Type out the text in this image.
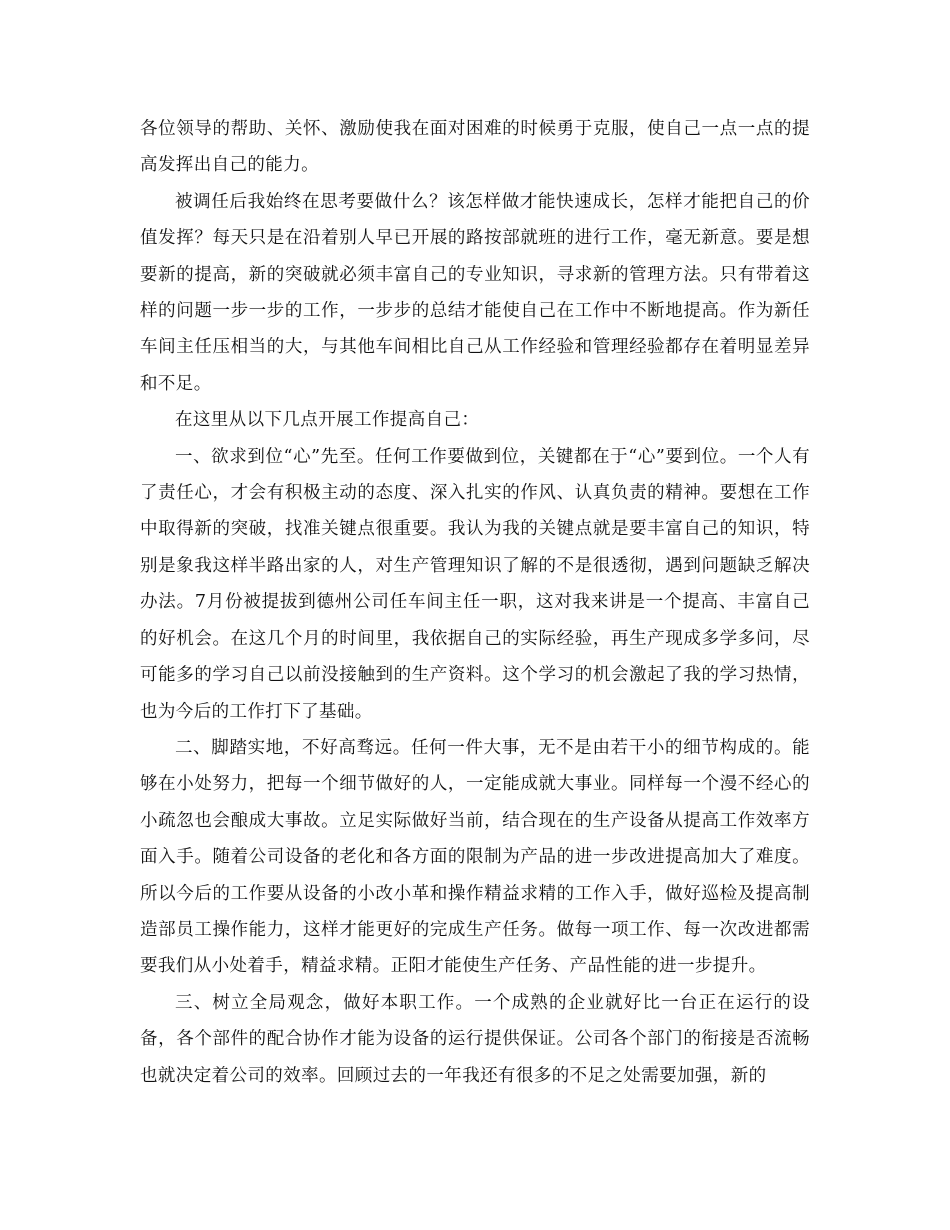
各位领导的帮助、关怀、激励使我在面对困难的时候勇于克服，使自己一点一点的提高发挥出自己的能力。

被调任后我始终在思考要做什么？该怎样做才能快速成长，怎样才能把自己的价值发挥？每天只是在沿着别人早已开展的路按部就班的进行工作，毫无新意。要是想要新的提高，新的突破就必须丰富自己的专业知识，寻求新的管理方法。只有带着这样的问题一步一步的工作，一步步的总结才能使自己在工作中不断地提高。作为新任车间主任压相当的大，与其他车间相比自己从工作经验和管理经验都存在着明显差异和不足。

在这里从以下几点开展工作提高自己：

一、欲求到位“心”先至。任何工作要做到位，关键都在于“心”要到位。一个人有了责任心，才会有积极主动的态度、深入扎实的作风、认真负责的精神。要想在工作中取得新的突破，找准关键点很重要。我认为我的关键点就是要丰富自己的知识，特别是象我这样半路出家的人，对生产管理知识了解的不是很透彻，遇到问题缺乏解决办法。7月份被提拔到德州公司任车间主任一职，这对我来讲是一个提高、丰富自己的好机会。在这几个月的时间里，我依据自己的实际经验，再生产现成多学多问，尽可能多的学习自己以前没接触到的生产资料。这个学习的机会激起了我的学习热情，也为今后的工作打下了基础。

二、脚踏实地，不好高骛远。任何一件大事，无不是由若干小的细节构成的。能够在小处努力，把每一个细节做好的人，一定能成就大事业。同样每一个漫不经心的小疏忽也会酿成大事故。立足实际做好当前，结合现在的生产设备从提高工作效率方面入手。随着公司设备的老化和各方面的限制为产品的进一步改进提高加大了难度。所以今后的工作要从设备的小改小革和操作精益求精的工作入手，做好巡检及提高制造部员工操作能力，这样才能更好的完成生产任务。做每一项工作、每一次改进都需要我们从小处着手，精益求精。正阳才能使生产任务、产品性能的进一步提升。

三、树立全局观念，做好本职工作。一个成熟的企业就好比一台正在运行的设备，各个部件的配合协作才能为设备的运行提供保证。公司各个部门的衔接是否流畅也就决定着公司的效率。回顾过去的一年我还有很多的不足之处需要加强，新的
